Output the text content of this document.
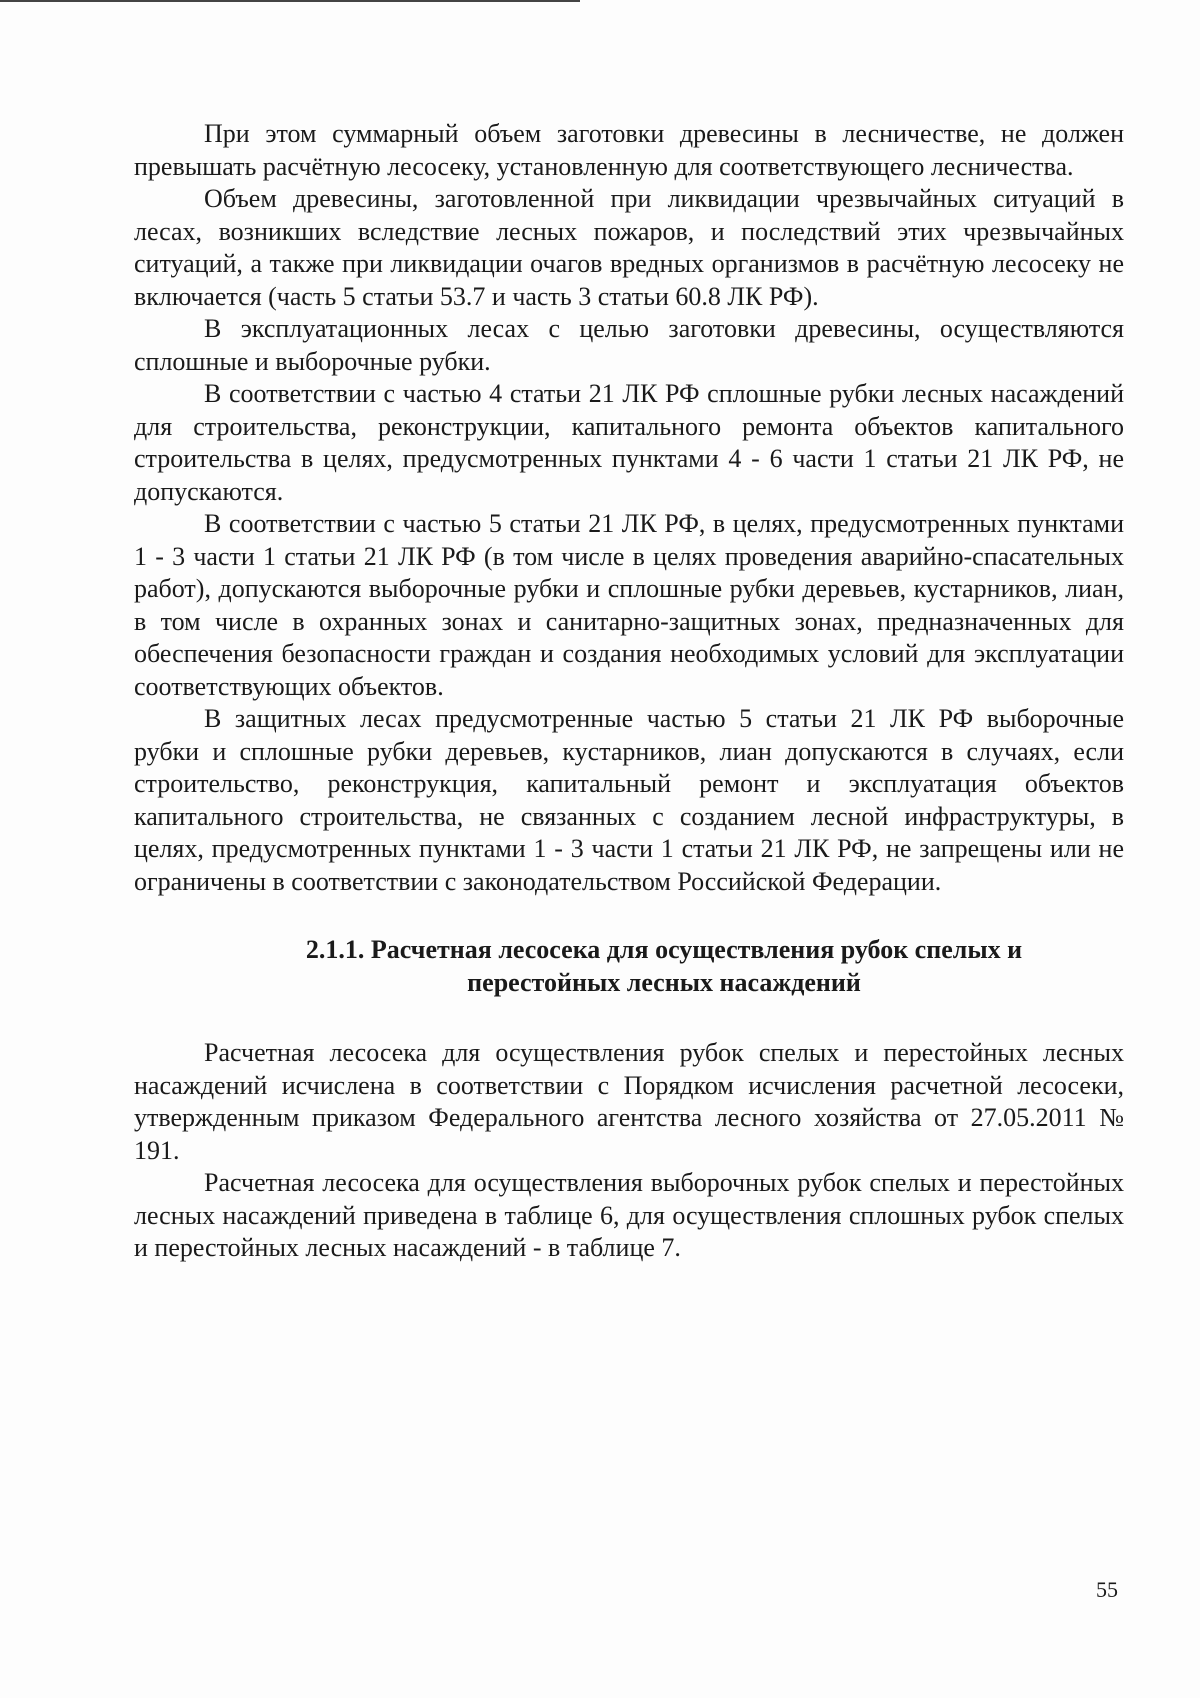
При этом суммарный объем заготовки древесины в лесничестве, не должен превышать расчётную лесосеку, установленную для соответствующего лесничества.

Объем древесины, заготовленной при ликвидации чрезвычайных ситуаций в лесах, возникших вследствие лесных пожаров, и последствий этих чрезвычайных ситуаций, а также при ликвидации очагов вредных организмов в расчётную лесосеку не включается (часть 5 статьи 53.7 и часть 3 статьи 60.8 ЛК РФ).

В эксплуатационных лесах с целью заготовки древесины, осуществляются сплошные и выборочные рубки.

В соответствии с частью 4 статьи 21 ЛК РФ сплошные рубки лесных насаждений для строительства, реконструкции, капитального ремонта объектов капитального строительства в целях, предусмотренных пунктами 4 - 6 части 1 статьи 21 ЛК РФ, не допускаются.

В соответствии с частью 5 статьи 21 ЛК РФ, в целях, предусмотренных пунктами 1 - 3 части 1 статьи 21 ЛК РФ (в том числе в целях проведения аварийно-спасательных работ), допускаются выборочные рубки и сплошные рубки деревьев, кустарников, лиан, в том числе в охранных зонах и санитарно-защитных зонах, предназначенных для обеспечения безопасности граждан и создания необходимых условий для эксплуатации соответствующих объектов.

В защитных лесах предусмотренные частью 5 статьи 21 ЛК РФ выборочные рубки и сплошные рубки деревьев, кустарников, лиан допускаются в случаях, если строительство, реконструкция, капитальный ремонт и эксплуатация объектов капитального строительства, не связанных с созданием лесной инфраструктуры, в целях, предусмотренных пунктами 1 - 3 части 1 статьи 21 ЛК РФ, не запрещены или не ограничены в соответствии с законодательством Российской Федерации.

2.1.1. Расчетная лесосека для осуществления рубок спелых и
перестойных лесных насаждений

Расчетная лесосека для осуществления рубок спелых и перестойных лесных насаждений исчислена в соответствии с Порядком исчисления расчетной лесосеки, утвержденным приказом Федерального агентства лесного хозяйства от 27.05.2011 № 191.

Расчетная лесосека для осуществления выборочных рубок спелых и перестойных лесных насаждений приведена в таблице 6, для осуществления сплошных рубок спелых и перестойных лесных насаждений - в таблице 7.

55
